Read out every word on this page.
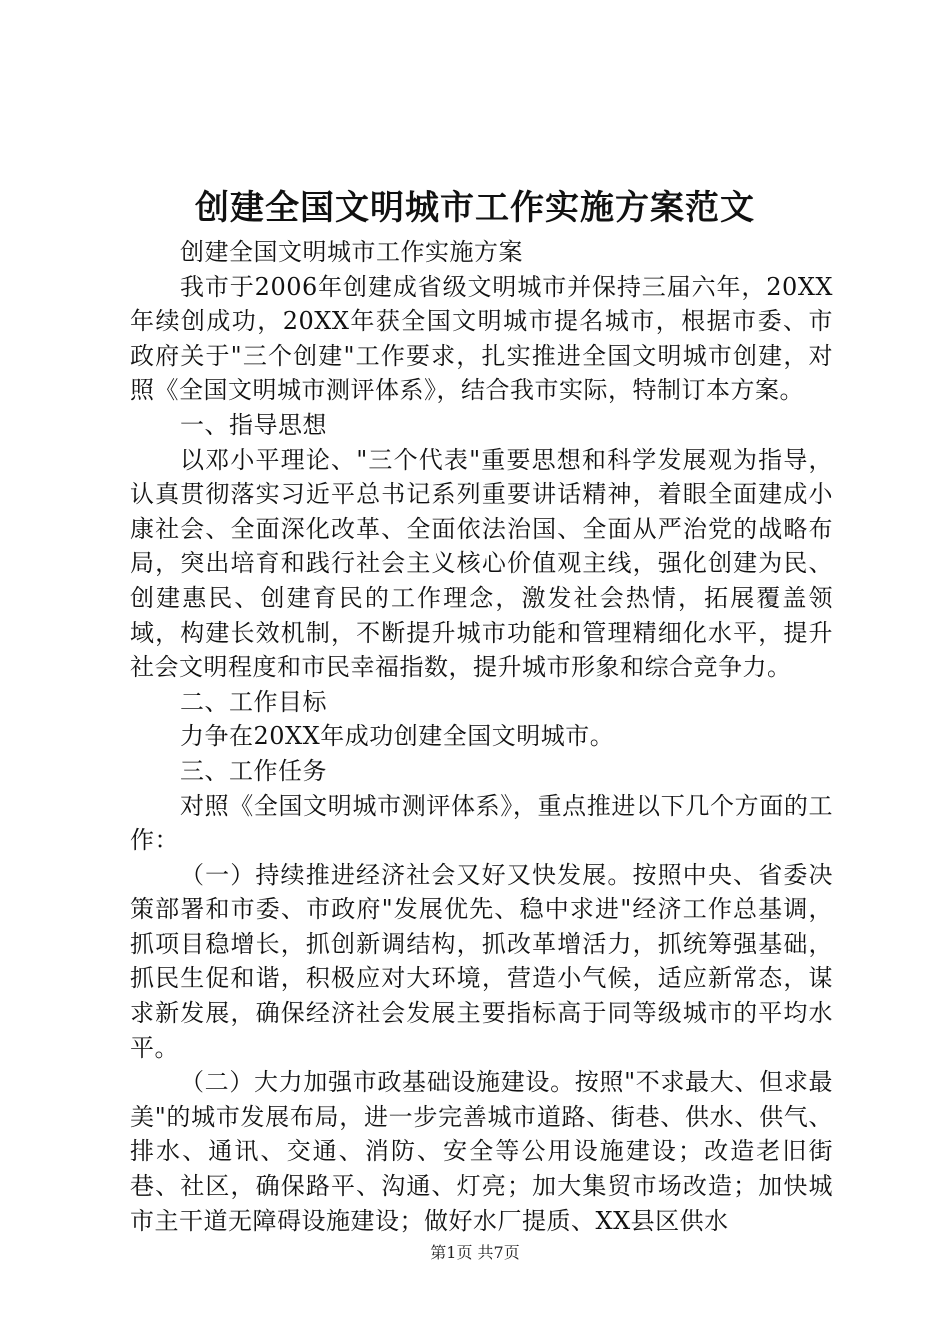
创建全国文明城市工作实施方案范文

创建全国文明城市工作实施方案

我市于2006年创建成省级文明城市并保持三届六年，20XX年续创成功，20XX年获全国文明城市提名城市，根据市委、市政府关于"三个创建"工作要求，扎实推进全国文明城市创建，对照《全国文明城市测评体系》，结合我市实际，特制订本方案。

一、指导思想

以邓小平理论、"三个代表"重要思想和科学发展观为指导，认真贯彻落实习近平总书记系列重要讲话精神，着眼全面建成小康社会、全面深化改革、全面依法治国、全面从严治党的战略布局，突出培育和践行社会主义核心价值观主线，强化创建为民、创建惠民、创建育民的工作理念，激发社会热情，拓展覆盖领域，构建长效机制，不断提升城市功能和管理精细化水平，提升社会文明程度和市民幸福指数，提升城市形象和综合竞争力。

二、工作目标

力争在20XX年成功创建全国文明城市。

三、工作任务

对照《全国文明城市测评体系》，重点推进以下几个方面的工作：

（一）持续推进经济社会又好又快发展。按照中央、省委决策部署和市委、市政府"发展优先、稳中求进"经济工作总基调，抓项目稳增长，抓创新调结构，抓改革增活力，抓统筹强基础，抓民生促和谐，积极应对大环境，营造小气候，适应新常态，谋求新发展，确保经济社会发展主要指标高于同等级城市的平均水平。

（二）大力加强市政基础设施建设。按照"不求最大、但求最美"的城市发展布局，进一步完善城市道路、街巷、供水、供气、排水、通讯、交通、消防、安全等公用设施建设；改造老旧街巷、社区，确保路平、沟通、灯亮；加大集贸市场改造；加快城市主干道无障碍设施建设；做好水厂提质、XX县区供水

第1页 共7页
